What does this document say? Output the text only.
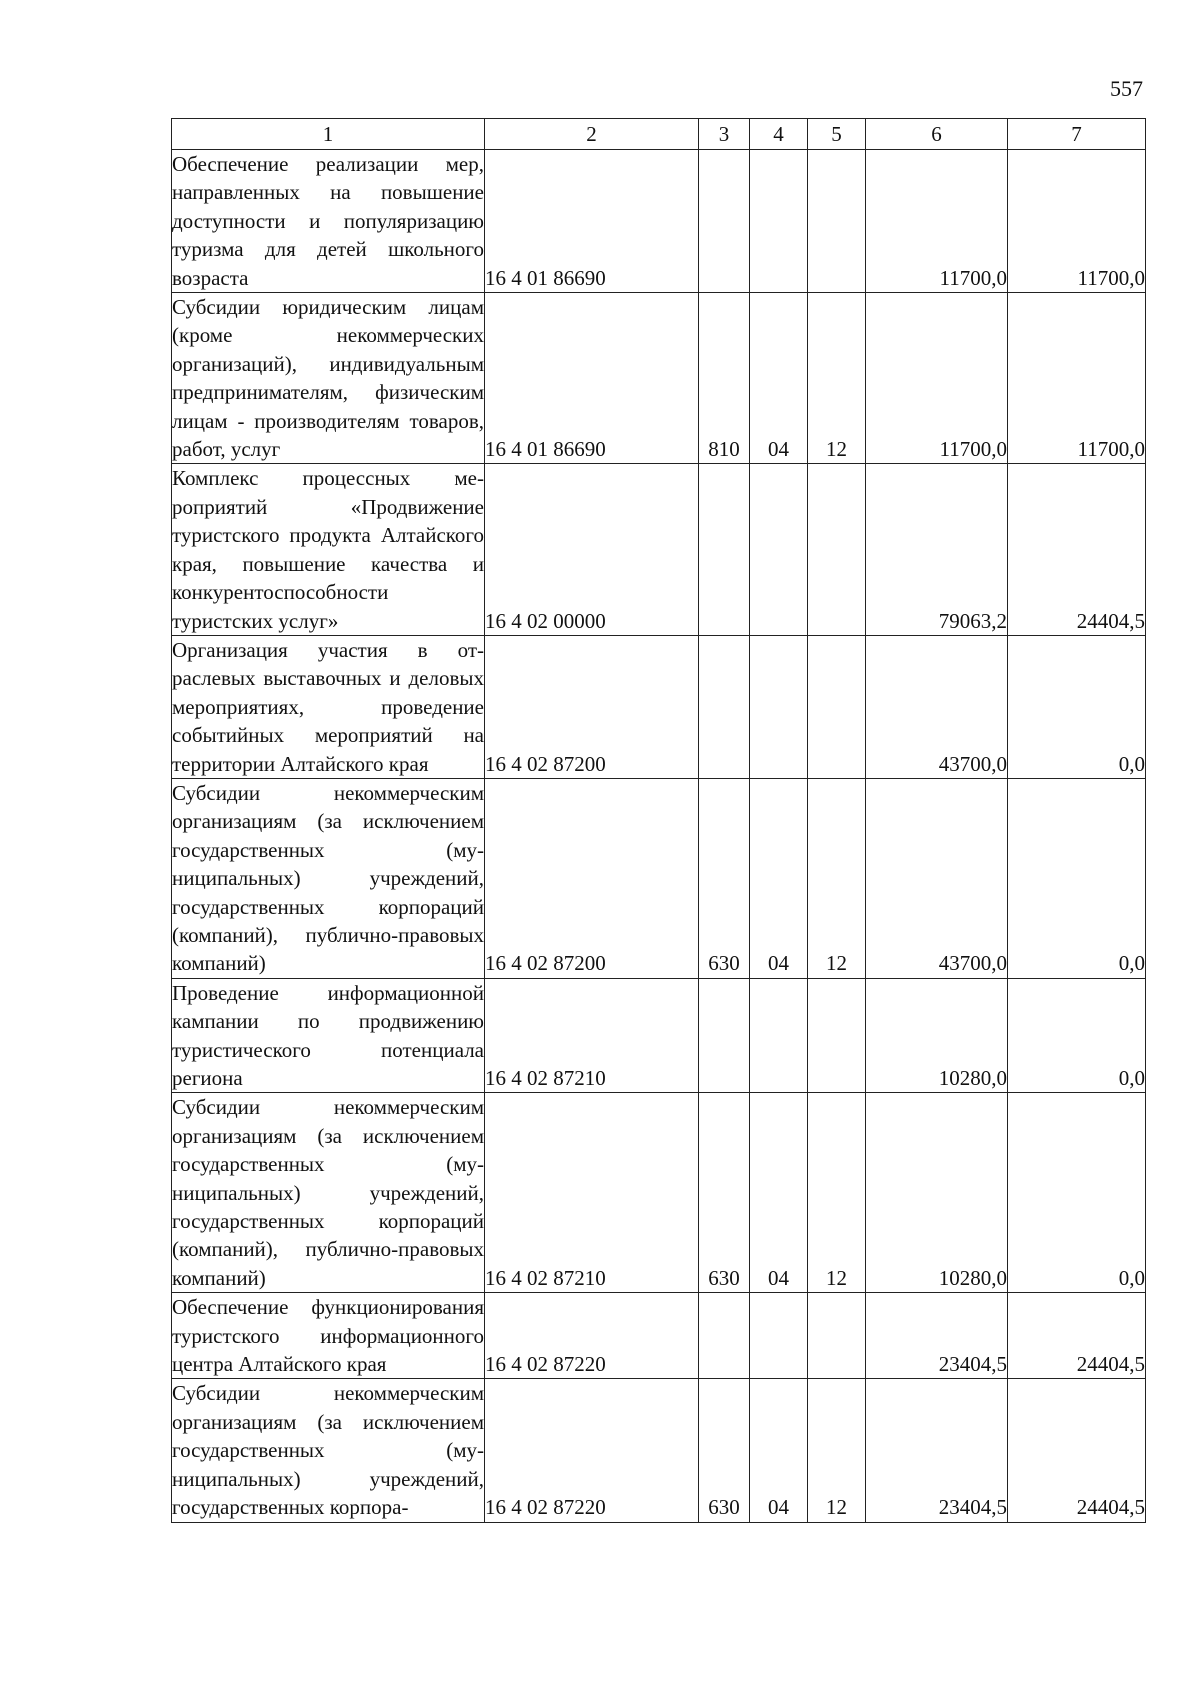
557
1	2	3	4	5	6	7
Обеспечение реализации мер, направленных на повышение доступности и популяризацию туризма для детей школьного возраста	16 4 01 86690				11700,0	11700,0
Субсидии юридическим лицам (кроме некоммерческих организаций), индивидуальным предпринимателям, физическим лицам - производителям товаров, работ, услуг	16 4 01 86690	810	04	12	11700,0	11700,0
Комплекс процессных мероприятий «Продвижение туристского продукта Алтайского края, повышение качества и конкурентоспособности туристских услуг»	16 4 02 00000				79063,2	24404,5
Организация участия в отраслевых выставочных и деловых мероприятиях, проведение событийных мероприятий на территории Алтайского края	16 4 02 87200				43700,0	0,0
Субсидии некоммерческим организациям (за исключением государственных (муниципальных) учреждений, государственных корпораций (компаний), публично-правовых компаний)	16 4 02 87200	630	04	12	43700,0	0,0
Проведение информационной кампании по продвижению туристического потенциала региона	16 4 02 87210				10280,0	0,0
Субсидии некоммерческим организациям (за исключением государственных (муниципальных) учреждений, государственных корпораций (компаний), публично-правовых компаний)	16 4 02 87210	630	04	12	10280,0	0,0
Обеспечение функционирования туристского информационного центра Алтайского края	16 4 02 87220				23404,5	24404,5
Субсидии некоммерческим организациям (за исключением государственных (муниципальных) учреждений, государственных корпора-	16 4 02 87220	630	04	12	23404,5	24404,5
